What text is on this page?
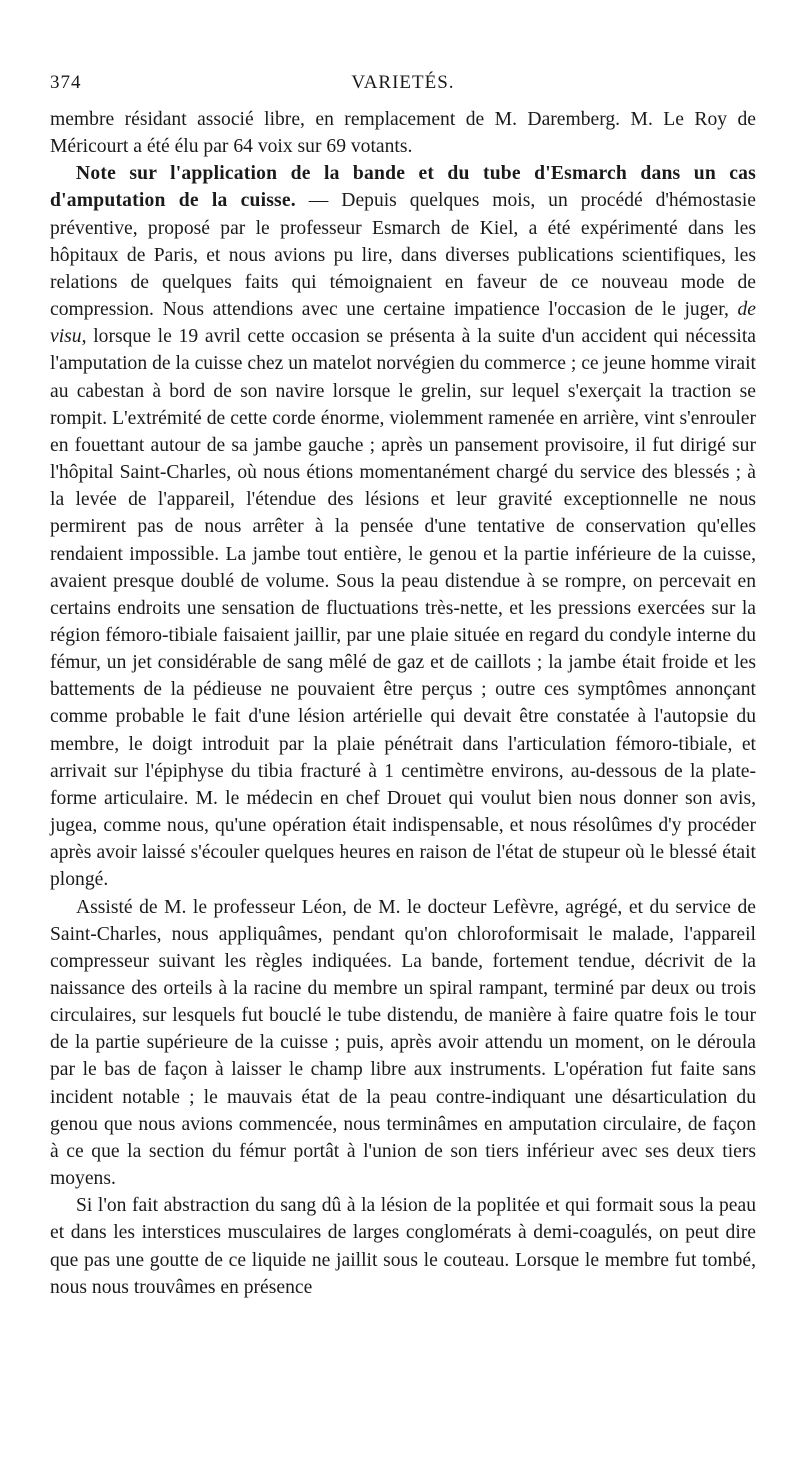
374	VARIETÉS.

membre résidant associé libre, en remplacement de M. Daremberg. M. Le Roy de Méricourt a été élu par 64 voix sur 69 votants.

Note sur l'application de la bande et du tube d'Esmarch dans un cas d'amputation de la cuisse. — Depuis quelques mois, un procédé d'hémostasie préventive, proposé par le professeur Esmarch de Kiel, a été expérimenté dans les hôpitaux de Paris, et nous avions pu lire, dans diverses publications scientifiques, les relations de quelques faits qui témoignaient en faveur de ce nouveau mode de compression. Nous attendions avec une certaine impatience l'occasion de le juger, de visu, lorsque le 19 avril cette occasion se présenta à la suite d'un accident qui nécessita l'amputation de la cuisse chez un matelot norvégien du commerce ; ce jeune homme virait au cabestan à bord de son navire lorsque le grelin, sur lequel s'exerçait la traction se rompit. L'extrémité de cette corde énorme, violemment ramenée en arrière, vint s'enrouler en fouettant autour de sa jambe gauche ; après un pansement provisoire, il fut dirigé sur l'hôpital Saint-Charles, où nous étions momentanément chargé du service des blessés ; à la levée de l'appareil, l'étendue des lésions et leur gravité exceptionnelle ne nous permirent pas de nous arrêter à la pensée d'une tentative de conservation qu'elles rendaient impossible. La jambe tout entière, le genou et la partie inférieure de la cuisse, avaient presque doublé de volume. Sous la peau distendue à se rompre, on percevait en certains endroits une sensation de fluctuations très-nette, et les pressions exercées sur la région fémoro-tibiale faisaient jaillir, par une plaie située en regard du condyle interne du fémur, un jet considérable de sang mêlé de gaz et de caillots ; la jambe était froide et les battements de la pédieuse ne pouvaient être perçus ; outre ces symptômes annonçant comme probable le fait d'une lésion artérielle qui devait être constatée à l'autopsie du membre, le doigt introduit par la plaie pénétrait dans l'articulation fémoro-tibiale, et arrivait sur l'épiphyse du tibia fracturé à 1 centimètre environs, au-dessous de la plate-forme articulaire. M. le médecin en chef Drouet qui voulut bien nous donner son avis, jugea, comme nous, qu'une opération était indispensable, et nous résolûmes d'y procéder après avoir laissé s'écouler quelques heures en raison de l'état de stupeur où le blessé était plongé.

Assisté de M. le professeur Léon, de M. le docteur Lefèvre, agrégé, et du service de Saint-Charles, nous appliquâmes, pendant qu'on chloroformisait le malade, l'appareil compresseur suivant les règles indiquées. La bande, fortement tendue, décrivit de la naissance des orteils à la racine du membre un spiral rampant, terminé par deux ou trois circulaires, sur lesquels fut bouclé le tube distendu, de manière à faire quatre fois le tour de la partie supérieure de la cuisse ; puis, après avoir attendu un moment, on le déroula par le bas de façon à laisser le champ libre aux instruments. L'opération fut faite sans incident notable ; le mauvais état de la peau contre-indiquant une désarticulation du genou que nous avions commencée, nous terminâmes en amputation circulaire, de façon à ce que la section du fémur portât à l'union de son tiers inférieur avec ses deux tiers moyens.

Si l'on fait abstraction du sang dû à la lésion de la poplitée et qui formait sous la peau et dans les interstices musculaires de larges conglomérats à demi-coagulés, on peut dire que pas une goutte de ce liquide ne jaillit sous le couteau. Lorsque le membre fut tombé, nous nous trouvâmes en présence
